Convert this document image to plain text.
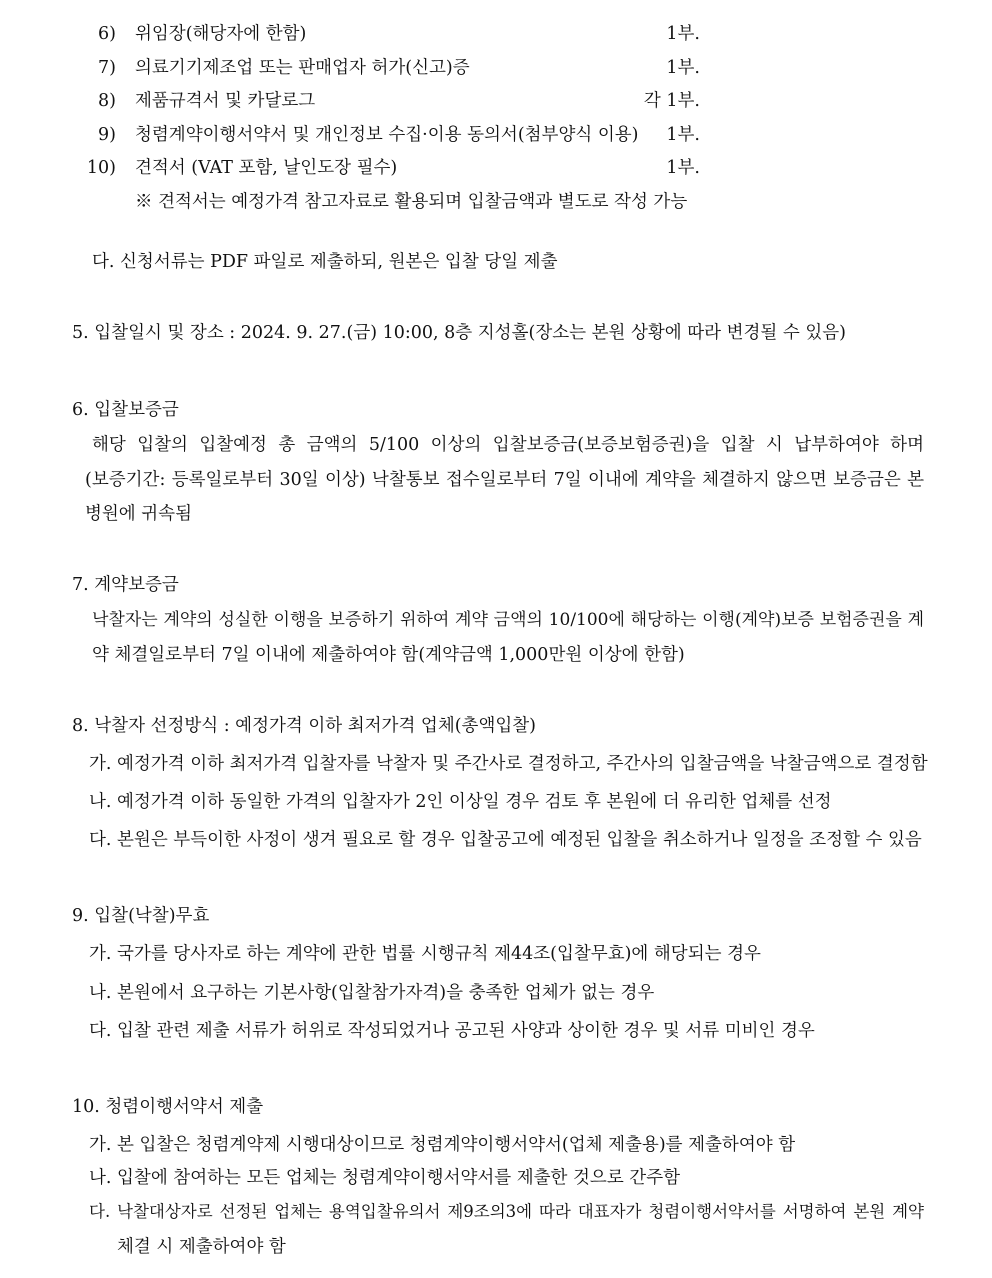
6) 위임장(해당자에 한함)	1부.
7) 의료기기제조업 또는 판매업자 허가(신고)증	1부.
8) 제품규격서 및 카달로그	각 1부.
9) 청렴계약이행서약서 및 개인정보 수집·이용 동의서(첨부양식 이용) 1부.
10) 견적서 (VAT 포함, 날인도장 필수)	1부.
※ 견적서는 예정가격 참고자료로 활용되며 입찰금액과 별도로 작성 가능
다. 신청서류는 PDF 파일로 제출하되, 원본은 입찰 당일 제출
5. 입찰일시 및 장소 : 2024. 9. 27.(금) 10:00, 8층 지성홀(장소는 본원 상황에 따라 변경될 수 있음)
6. 입찰보증금
해당 입찰의 입찰예정 총 금액의 5/100 이상의 입찰보증금(보증보험증권)을 입찰 시 납부하여야 하며
(보증기간: 등록일로부터 30일 이상) 낙찰통보 접수일로부터 7일 이내에 계약을 체결하지 않으면 보증금은 본
병원에 귀속됨
7. 계약보증금
낙찰자는 계약의 성실한 이행을 보증하기 위하여 계약 금액의 10/100에 해당하는 이행(계약)보증 보험증권을 계
약 체결일로부터 7일 이내에 제출하여야 함(계약금액 1,000만원 이상에 한함)
8. 낙찰자 선정방식 : 예정가격 이하 최저가격 업체(총액입찰)
가. 예정가격 이하 최저가격 입찰자를 낙찰자 및 주간사로 결정하고, 주간사의 입찰금액을 낙찰금액으로 결정함
나. 예정가격 이하 동일한 가격의 입찰자가 2인 이상일 경우 검토 후 본원에 더 유리한 업체를 선정
다. 본원은 부득이한 사정이 생겨 필요로 할 경우 입찰공고에 예정된 입찰을 취소하거나 일정을 조정할 수 있음
9. 입찰(낙찰)무효
가. 국가를 당사자로 하는 계약에 관한 법률 시행규칙 제44조(입찰무효)에 해당되는 경우
나. 본원에서 요구하는 기본사항(입찰참가자격)을 충족한 업체가 없는 경우
다. 입찰 관련 제출 서류가 허위로 작성되었거나 공고된 사양과 상이한 경우 및 서류 미비인 경우
10. 청렴이행서약서 제출
가. 본 입찰은 청렴계약제 시행대상이므로 청렴계약이행서약서(업체 제출용)를 제출하여야 함
나. 입찰에 참여하는 모든 업체는 청렴계약이행서약서를 제출한 것으로 간주함
다. 낙찰대상자로 선정된 업체는 용역입찰유의서 제9조의3에 따라 대표자가 청렴이행서약서를 서명하여 본원 계약
체결 시 제출하여야 함
